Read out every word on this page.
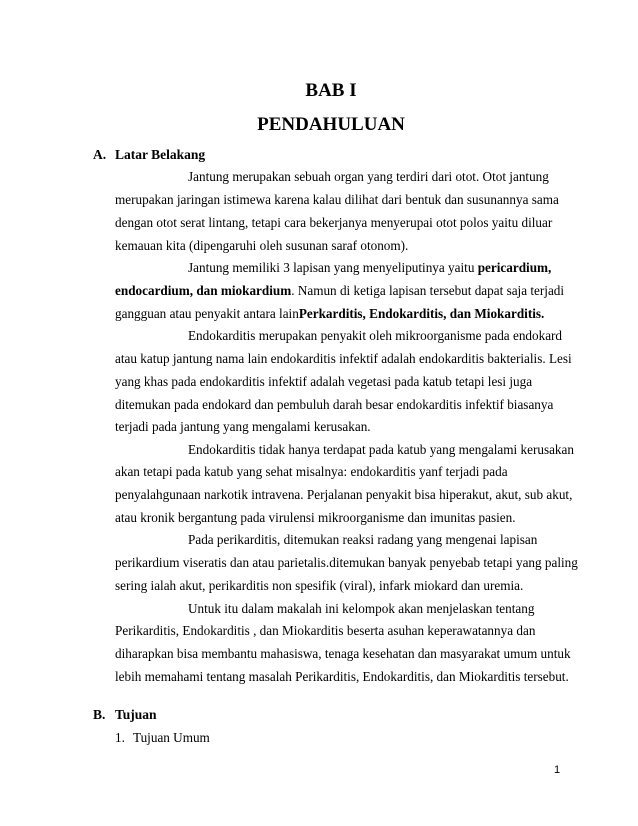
BAB I
PENDAHULUAN
A. Latar Belakang
Jantung merupakan sebuah organ yang terdiri dari otot. Otot jantung
merupakan jaringan istimewa karena kalau dilihat dari bentuk dan susunannya sama
dengan otot serat lintang, tetapi cara bekerjanya menyerupai otot polos yaitu diluar
kemauan kita (dipengaruhi oleh susunan saraf otonom).
Jantung memiliki 3 lapisan yang menyeliputinya yaitu pericardium,
endocardium, dan miokardium. Namun di ketiga lapisan tersebut dapat saja terjadi
gangguan atau penyakit antara lainPerkarditis, Endokarditis, dan Miokarditis.
Endokarditis merupakan penyakit oleh mikroorganisme pada endokard
atau katup jantung nama lain endokarditis infektif adalah endokarditis bakterialis. Lesi
yang khas pada endokarditis infektif adalah vegetasi pada katub tetapi lesi juga
ditemukan pada endokard dan pembuluh darah besar endokarditis infektif biasanya
terjadi pada jantung yang mengalami kerusakan.
Endokarditis tidak hanya terdapat pada katub yang mengalami kerusakan
akan tetapi pada katub yang sehat misalnya: endokarditis yanf terjadi pada
penyalahgunaan narkotik intravena. Perjalanan penyakit bisa hiperakut, akut, sub akut,
atau kronik bergantung pada virulensi mikroorganisme dan imunitas pasien.
Pada perikarditis, ditemukan reaksi radang yang mengenai lapisan
perikardium viseratis dan atau parietalis.ditemukan banyak penyebab tetapi yang paling
sering ialah akut, perikarditis non spesifik (viral), infark miokard dan uremia.
Untuk itu dalam makalah ini kelompok akan menjelaskan tentang
Perikarditis, Endokarditis , dan Miokarditis beserta asuhan keperawatannya dan
diharapkan bisa membantu mahasiswa, tenaga kesehatan dan masyarakat umum untuk
lebih memahami tentang masalah Perikarditis, Endokarditis, dan Miokarditis tersebut.
B. Tujuan
1. Tujuan Umum
1
